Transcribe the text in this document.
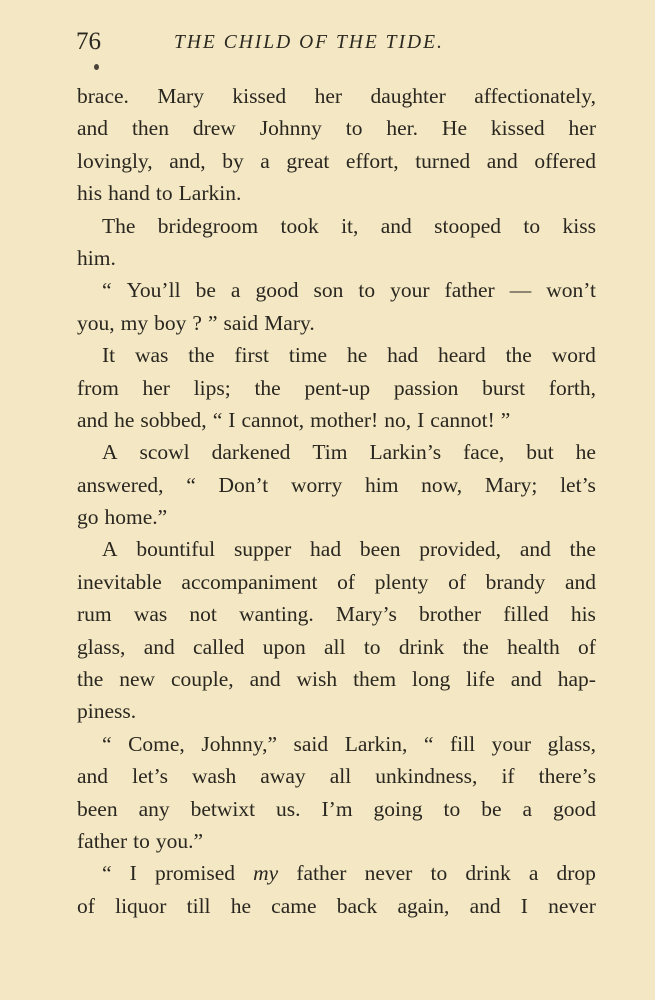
76	THE CHILD OF THE TIDE.
brace. Mary kissed her daughter affectionately,
and then drew Johnny to her. He kissed her
lovingly, and, by a great effort, turned and offered
his hand to Larkin.
The bridegroom took it, and stooped to kiss
him.
“ You’ll be a good son to your father — won’t
you, my boy ? ” said Mary.
It was the first time he had heard the word
from her lips; the pent-up passion burst forth,
and he sobbed, “ I cannot, mother! no, I cannot! ”
A scowl darkened Tim Larkin’s face, but he
answered, “ Don’t worry him now, Mary; let’s
go home.”
A bountiful supper had been provided, and the
inevitable accompaniment of plenty of brandy and
rum was not wanting. Mary’s brother filled his
glass, and called upon all to drink the health of
the new couple, and wish them long life and hap-
piness.
“ Come, Johnny,” said Larkin, “ fill your glass,
and let’s wash away all unkindness, if there’s
been any betwixt us. I’m going to be a good
father to you.”
“ I promised my father never to drink a drop
of liquor till he came back again, and I never
